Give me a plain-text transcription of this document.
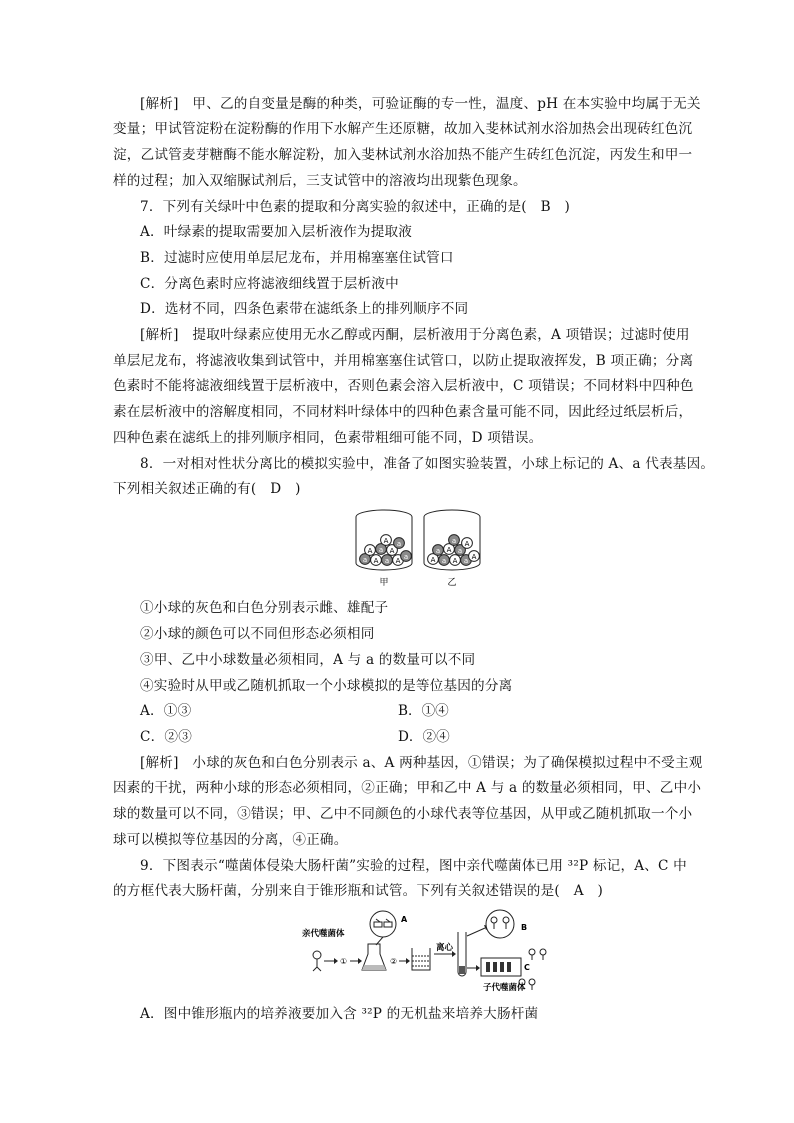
[解析]　 甲、乙的自变量是酶的种类，可验证酶的专一性，温度、pH 在本实验中均属于无关
变量；甲试管淀粉在淀粉酶的作用下水解产生还原糖，故加入斐林试剂水浴加热会出现砖红色沉
淀，乙试管麦芽糖酶不能水解淀粉，加入斐林试剂水浴加热不能产生砖红色沉淀，丙发生和甲一
样的过程；加入双缩脲试剂后，三支试管中的溶液均出现紫色现象。
7．下列有关绿叶中色素的提取和分离实验的叙述中，正确的是(　B　)
A．叶绿素的提取需要加入层析液作为提取液
B．过滤时应使用单层尼龙布，并用棉塞塞住试管口
C．分离色素时应将滤液细线置于层析液中
D．选材不同，四条色素带在滤纸条上的排列顺序不同
[解析]　 提取叶绿素应使用无水乙醇或丙酮，层析液用于分离色素，A 项错误；过滤时使用
单层尼龙布，将滤液收集到试管中，并用棉塞塞住试管口，以防止提取液挥发，B 项正确；分离
色素时不能将滤液细线置于层析液中，否则色素会溶入层析液中，C 项错误；不同材料中四种色
素在层析液中的溶解度相同，不同材料叶绿体中的四种色素含量可能不同，因此经过纸层析后，
四种色素在滤纸上的排列顺序相同，色素带粗细可能不同，D 项错误。
8．一对相对性状分离比的模拟实验中，准备了如图实验装置，小球上标记的 A、a 代表基因。
下列相关叙述正确的有(　D　)
a A a A a
A a A
a
A
A a A a A
a A a
A
a
甲	乙
①小球的灰色和白色分别表示雌、雄配子
②小球的颜色可以不同但形态必须相同
③甲、乙中小球数量必须相同，A 与 a 的数量可以不同
④实验时从甲或乙随机抓取一个小球模拟的是等位基因的分离
A．①③	B．①④
C．②③	D．②④
[解析]　 小球的灰色和白色分别表示 a、A 两种基因，①错误；为了确保模拟过程中不受主观
因素的干扰，两种小球的形态必须相同，②正确；甲和乙中 A 与 a 的数量必须相同，甲、乙中小
球的数量可以不同，③错误；甲、乙中不同颜色的小球代表等位基因，从甲或乙随机抓取一个小
球可以模拟等位基因的分离，④正确。
9．下图表示“噬菌体侵染大肠杆菌”实验的过程，图中亲代噬菌体已用 ³²P 标记，A、C 中
的方框代表大肠杆菌，分别来自于锥形瓶和试管。下列有关叙述错误的是(　A　)
亲代噬菌体
①
A
②
离心
B
C
子代噬菌体
A．图中锥形瓶内的培养液要加入含 ³²P 的无机盐来培养大肠杆菌
